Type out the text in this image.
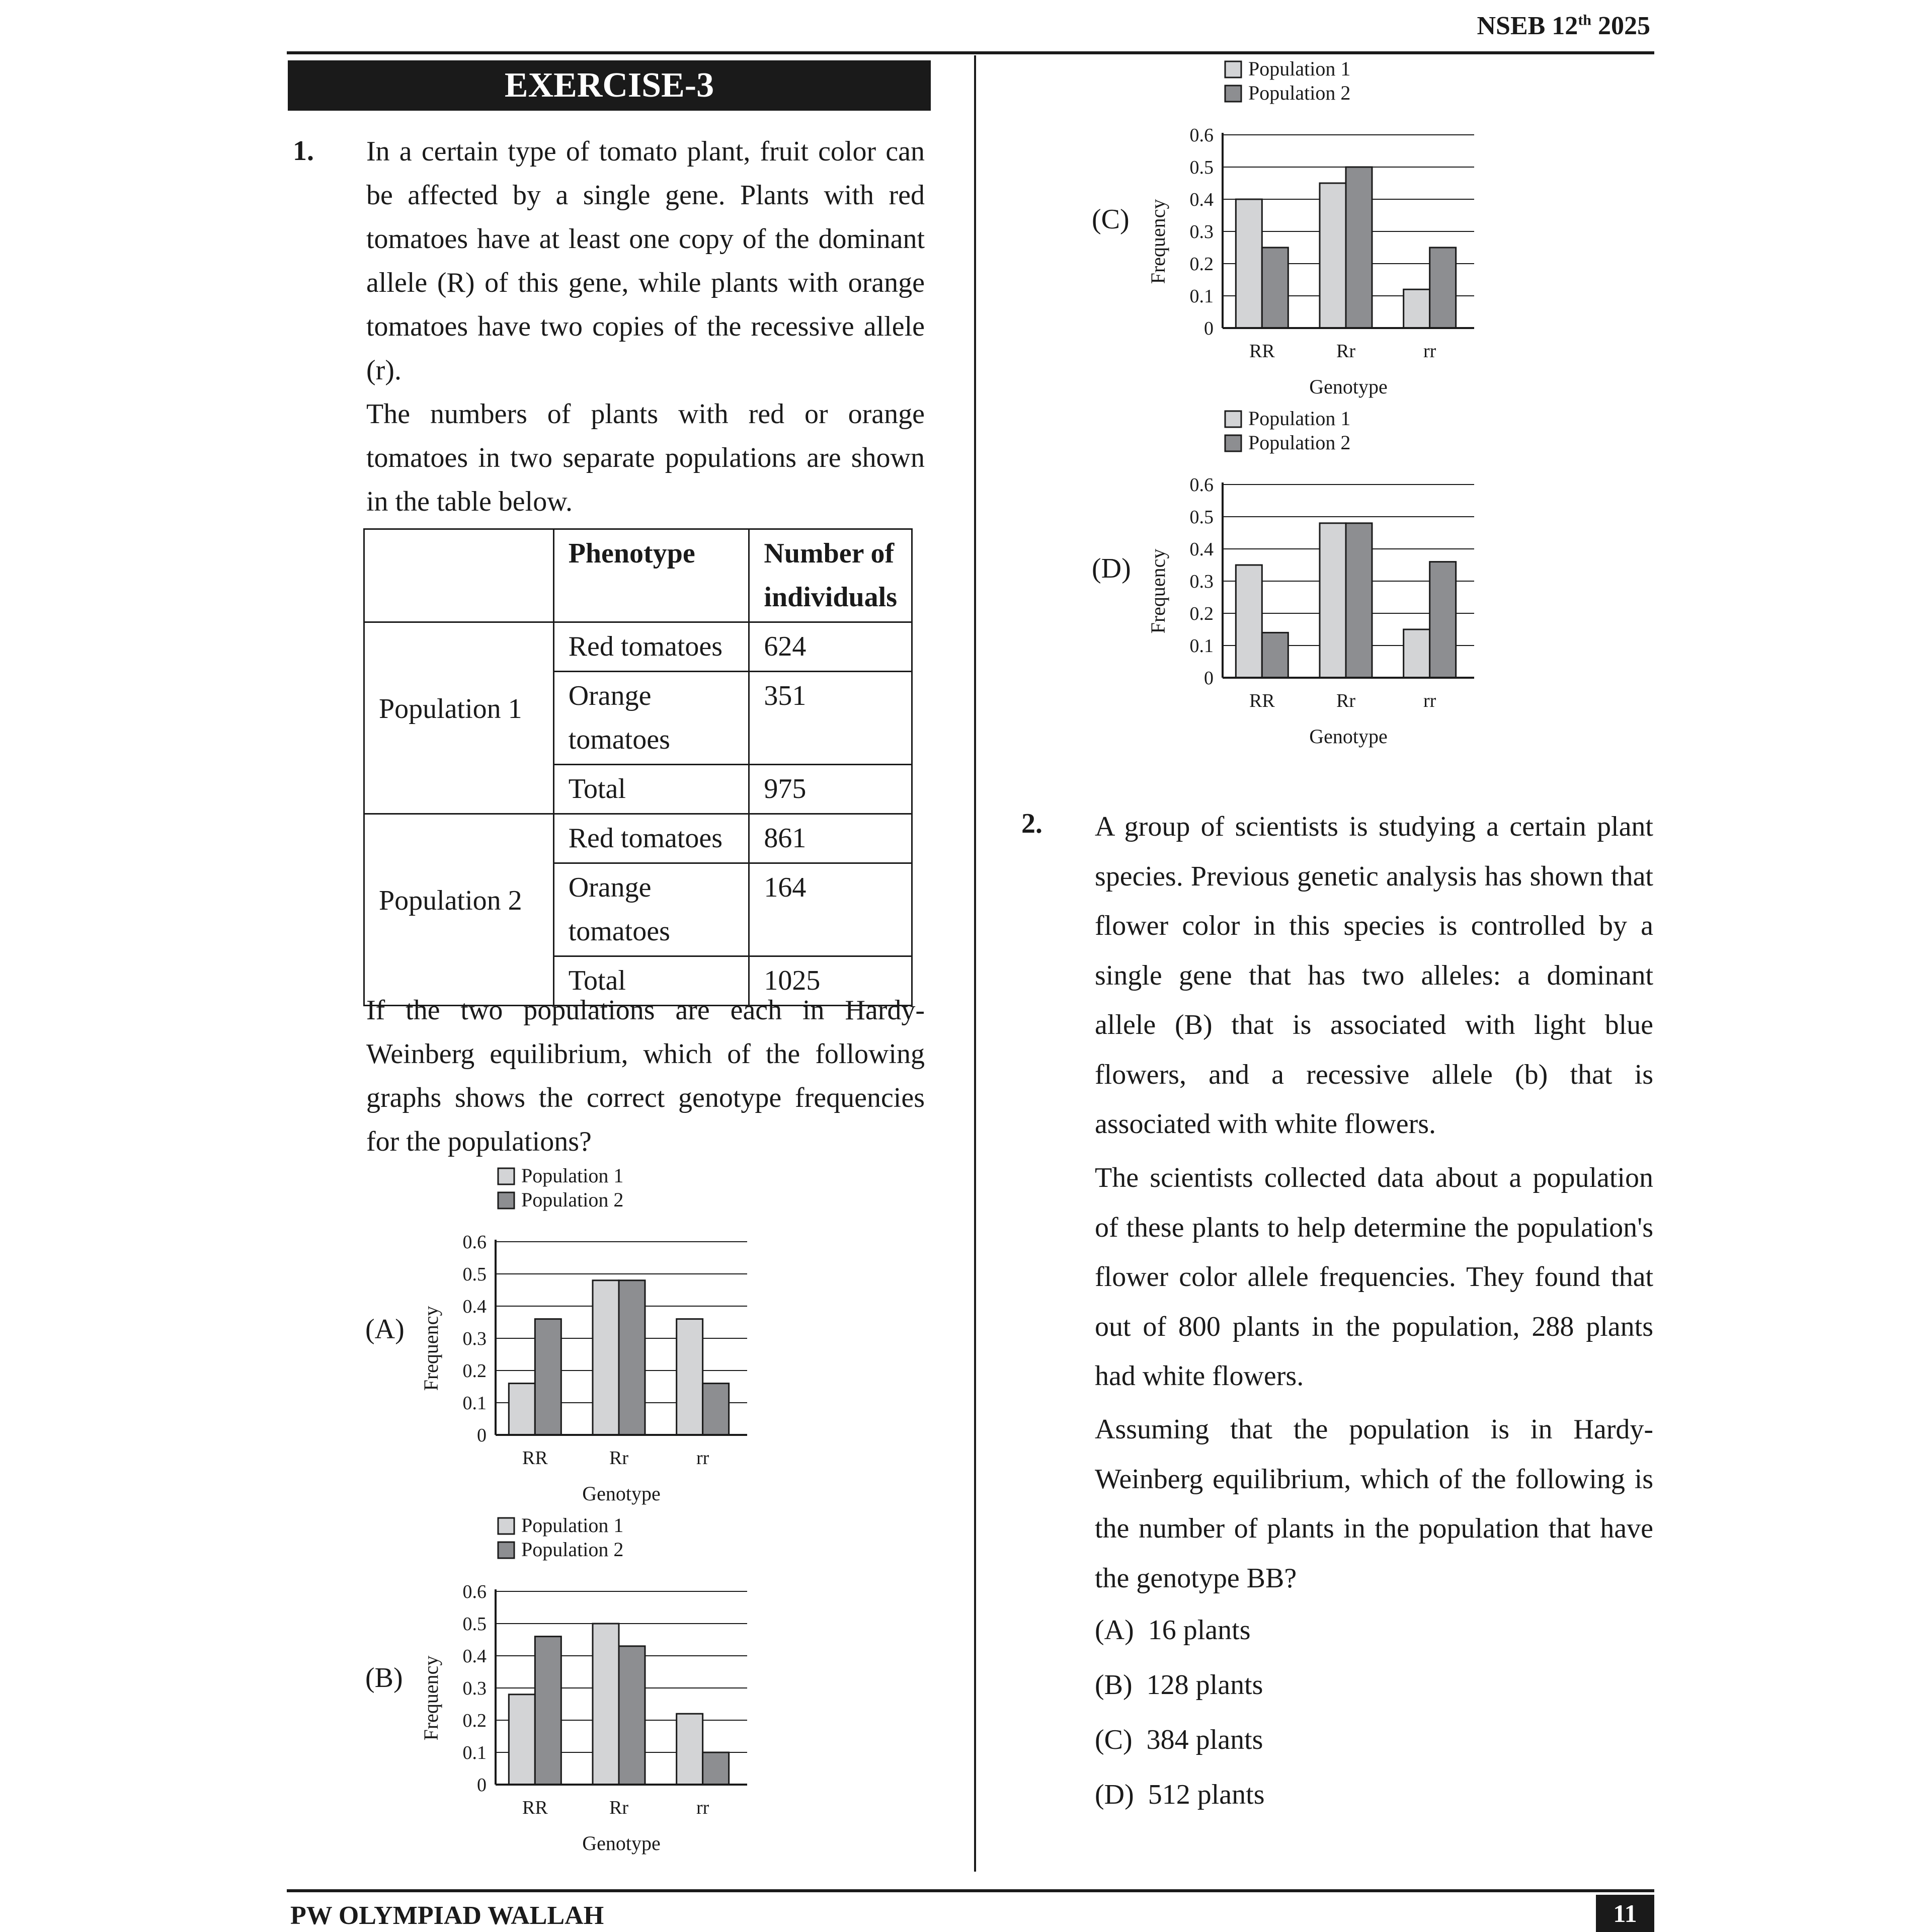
NSEB 12th 2025
EXERCISE-3
1. In a certain type of tomato plant, fruit color can be affected by a single gene. Plants with red tomatoes have at least one copy of the dominant allele (R) of this gene, while plants with orange tomatoes have two copies of the recessive allele (r).
The numbers of plants with red or orange tomatoes in two separate populations are shown in the table below.
	Phenotype	Number of individuals
Population 1	Red tomatoes	624
	Orange tomatoes	351
	Total	975
Population 2	Red tomatoes	861
	Orange tomatoes	164
	Total	1025
If the two populations are each in Hardy-Weinberg equilibrium, which of the following graphs shows the correct genotype frequencies for the populations?
(A)
(B)
(C)
(D)
Population 1
Population 2
0
0.1
0.2
0.3
0.4
0.5
0.6
RR	Rr	rr
Genotype
Frequency
Population 1
Population 2
0
0.1
0.2
0.3
0.4
0.5
0.6
RR	Rr	rr
Genotype
Frequency
Population 1
Population 2
0
0.1
0.2
0.3
0.4
0.5
0.6
RR	Rr	rr
Genotype
Frequency
Population 1
Population 2
0
0.1
0.2
0.3
0.4
0.5
0.6
RR	Rr	rr
Genotype
Frequency
2. A group of scientists is studying a certain plant species. Previous genetic analysis has shown that flower color in this species is controlled by a single gene that has two alleles: a dominant allele (B) that is associated with light blue flowers, and a recessive allele (b) that is associated with white flowers.
The scientists collected data about a population of these plants to help determine the population's flower color allele frequencies. They found that out of 800 plants in the population, 288 plants had white flowers.
Assuming that the population is in Hardy-Weinberg equilibrium, which of the following is the number of plants in the population that have the genotype BB?
(A) 16 plants
(B) 128 plants
(C) 384 plants
(D) 512 plants
PW OLYMPIAD WALLAH	11
